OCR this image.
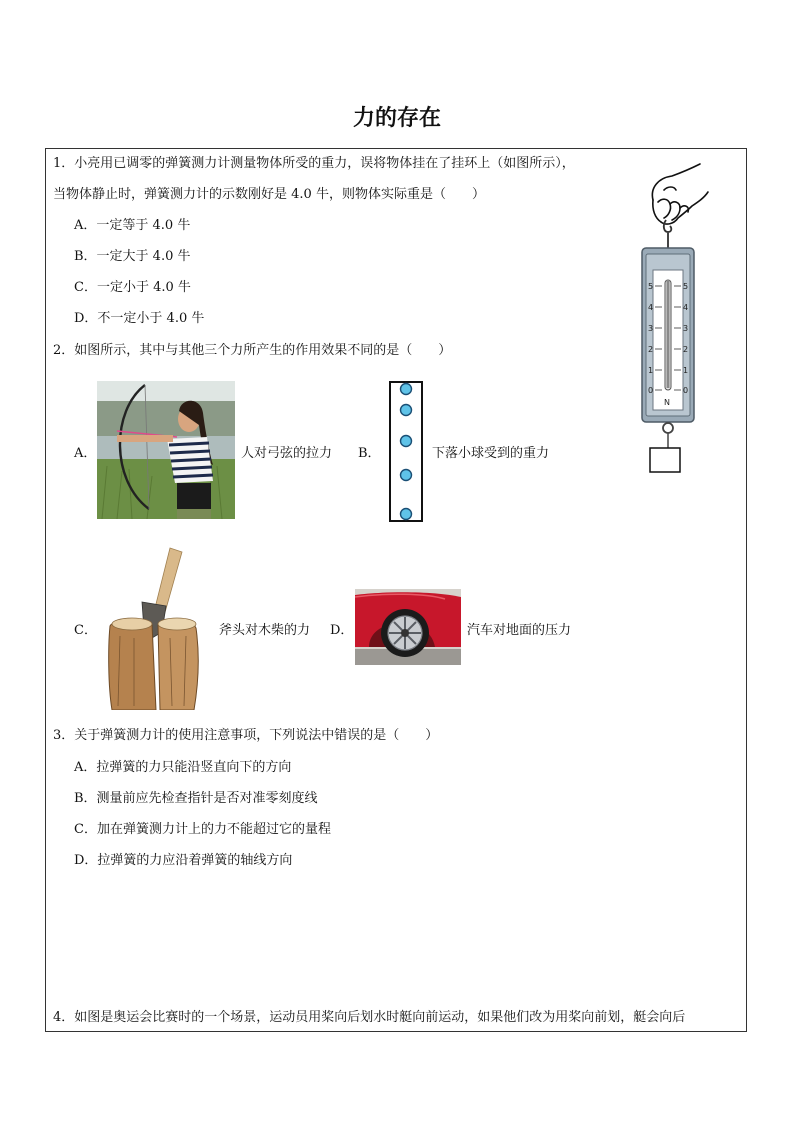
力的存在
1．小亮用已调零的弹簧测力计测量物体所受的重力，误将物体挂在了挂环上（如图所示），
当物体静止时，弹簧测力计的示数刚好是 4.0 牛，则物体实际重是（　　）
A．一定等于 4.0 牛
B．一定大于 4.0 牛
C．一定小于 4.0 牛
D．不一定小于 4.0 牛
5	5
4	4
3	3
2	2
1	1
0	0
N
2．如图所示，其中与其他三个力所产生的作用效果不同的是（　　）
A．	人对弓弦的拉力 B．	下落小球受到的重力
C．	斧头对木柴的力 D．	汽车对地面的压力
3．关于弹簧测力计的使用注意事项，下列说法中错误的是（　　）
A．拉弹簧的力只能沿竖直向下的方向
B．测量前应先检查指针是否对准零刻度线
C．加在弹簧测力计上的力不能超过它的量程
D．拉弹簧的力应沿着弹簧的轴线方向
4．如图是奥运会比赛时的一个场景，运动员用桨向后划水时艇向前运动，如果他们改为用桨向前划，艇会向后
